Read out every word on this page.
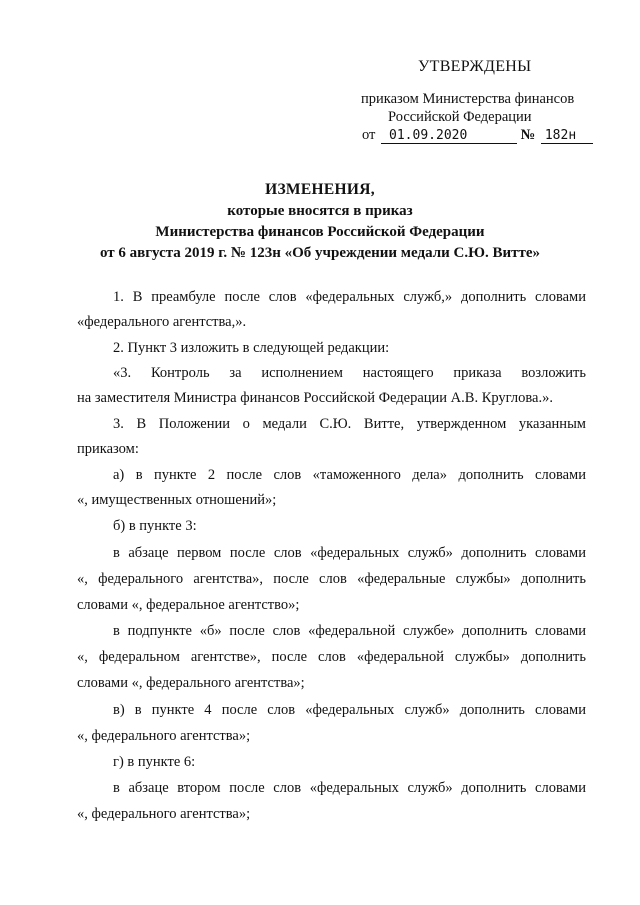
УТВЕРЖДЕНЫ
приказом Министерства финансов
Российской Федерации
от 01.09.2020	№ 182н
ИЗМЕНЕНИЯ,
которые вносятся в приказ
Министерства финансов Российской Федерации
от 6 августа 2019 г. № 123н «Об учреждении медали С.Ю. Витте»
1. В преамбуле после слов «федеральных служб,» дополнить словами
«федерального агентства,».
2. Пункт 3 изложить в следующей редакции:
«3. Контроль за исполнением настоящего приказа возложить
на заместителя Министра финансов Российской Федерации А.В. Круглова.».
3. В Положении о медали С.Ю. Витте, утвержденном указанным
приказом:
а) в пункте 2 после слов «таможенного дела» дополнить словами
«, имущественных отношений»;
б) в пункте 3:
в абзаце первом после слов «федеральных служб» дополнить словами
«, федерального агентства», после слов «федеральные службы» дополнить
словами «, федеральное агентство»;
в подпункте «б» после слов «федеральной службе» дополнить словами
«, федеральном агентстве», после слов «федеральной службы» дополнить
словами «, федерального агентства»;
в) в пункте 4 после слов «федеральных служб» дополнить словами
«, федерального агентства»;
г) в пункте 6:
в абзаце втором после слов «федеральных служб» дополнить словами
«, федерального агентства»;
